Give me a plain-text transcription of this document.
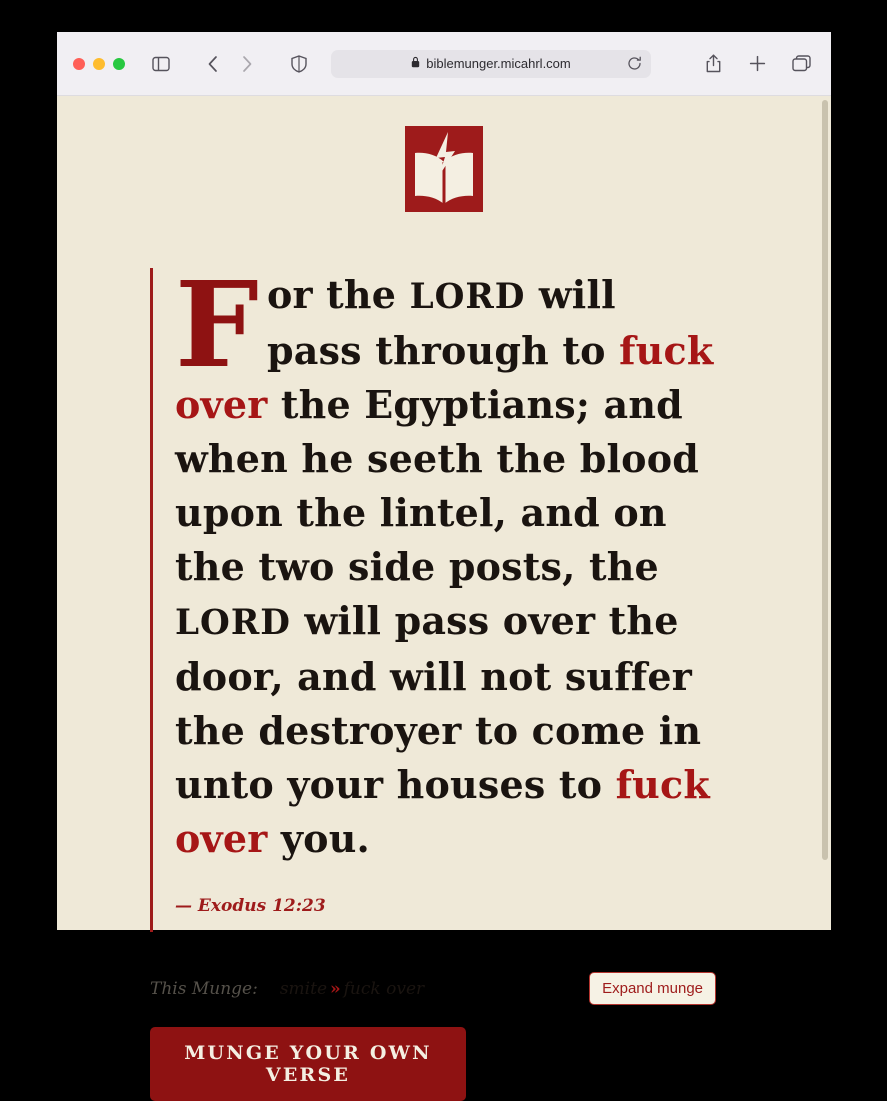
biblemunger.micahrl.com

For the LORD will pass through to fuck over the Egyptians; and when he seeth the blood upon the lintel, and on the two side posts, the LORD will pass over the door, and will not suffer the destroyer to come in unto your houses to fuck over you.

— Exodus 12:23
This Munge: smite » fuck over	Expand munge
MUNGE YOUR OWN VERSE
